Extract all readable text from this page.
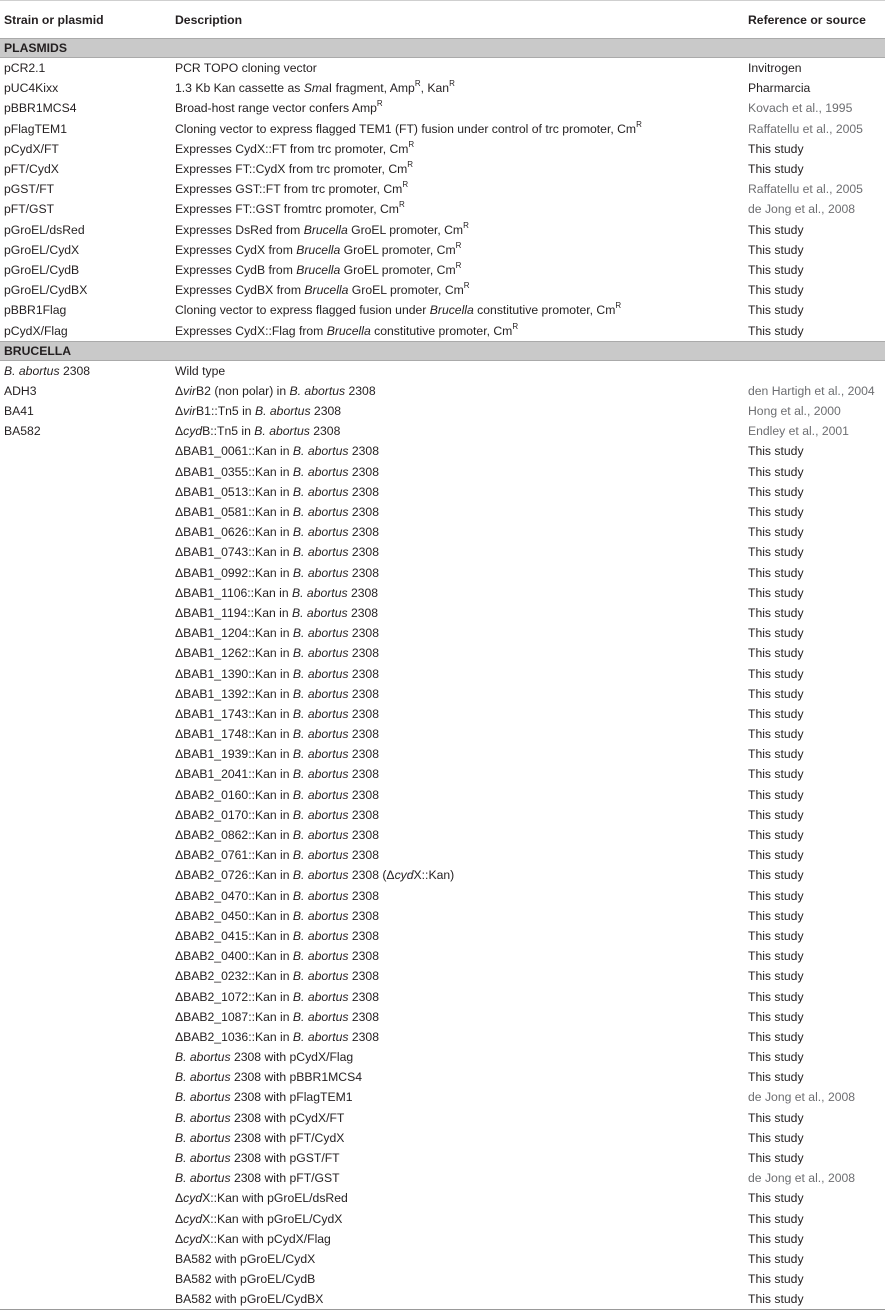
Strain or plasmid	Description	Reference or source
PLASMIDS		
pCR2.1	PCR TOPO cloning vector	Invitrogen
pUC4Kixx	1.3 Kb Kan cassette as SmaI fragment, Amp$^R$, Kan$^R$	Pharmarcia
pBBR1MCS4	Broad-host range vector confers Amp$^R$	Kovach et al., 1995
pFlagTEM1	Cloning vector to express flagged TEM1 (FT) fusion under control of trc promoter, $Cm^R$	Raffatellu et al., 2005
pCydX/FT	Expresses CydX::FT from trc promoter, $Cm^R$	This study
pFT/CydX	Expresses FT::CydX from trc promoter, $Cm^R$	This study
pGST/FT	Expresses GST::FT from trc promoter, $Cm^R$	Raffatellu et al., 2005
pFT/GST	Expresses FT::GST fromtrc promoter, $Cm^R$	de Jong et al., 2008
pGroEL/dsRed	Expresses DsRed from Brucella GroEL promoter, $Cm^R$	This study
pGroEL/CydX	Expresses CydX from Brucella GroEL promoter, $Cm^R$	This study
pGroEL/CydB	Expresses CydB from Brucella GroEL promoter, $Cm^R$	This study
pGroEL/CydBX	Expresses CydBX from Brucella GroEL promoter, $Cm^R$	This study
pBBR1Flag	Cloning vector to express flagged fusion under Brucella constitutive promoter, $Cm^R$	This study
pCydX/Flag	Expresses CydX::Flag from Brucella constitutive promoter, $Cm^R$	This study
BRUCELLA		
B. abortus 2308	Wild type	
ADH3	ΔvirB2 (non polar) in B. abortus 2308	den Hartigh et al., 2004
BA41	ΔvirB1::Tn5 in B. abortus 2308	Hong et al., 2000
BA582	ΔcydB::Tn5 in B. abortus 2308	Endley et al., 2001
	ΔBAB1_0061::Kan in B. abortus 2308	This study
	ΔBAB1_0355::Kan in B. abortus 2308	This study
	ΔBAB1_0513::Kan in B. abortus 2308	This study
	ΔBAB1_0581::Kan in B. abortus 2308	This study
	ΔBAB1_0626::Kan in B. abortus 2308	This study
	ΔBAB1_0743::Kan in B. abortus 2308	This study
	ΔBAB1_0992::Kan in B. abortus 2308	This study
	ΔBAB1_1106::Kan in B. abortus 2308	This study
	ΔBAB1_1194::Kan in B. abortus 2308	This study
	ΔBAB1_1204::Kan in B. abortus 2308	This study
	ΔBAB1_1262::Kan in B. abortus 2308	This study
	ΔBAB1_1390::Kan in B. abortus 2308	This study
	ΔBAB1_1392::Kan in B. abortus 2308	This study
	ΔBAB1_1743::Kan in B. abortus 2308	This study
	ΔBAB1_1748::Kan in B. abortus 2308	This study
	ΔBAB1_1939::Kan in B. abortus 2308	This study
	ΔBAB1_2041::Kan in B. abortus 2308	This study
	ΔBAB2_0160::Kan in B. abortus 2308	This study
	ΔBAB2_0170::Kan in B. abortus 2308	This study
	ΔBAB2_0862::Kan in B. abortus 2308	This study
	ΔBAB2_0761::Kan in B. abortus 2308	This study
	ΔBAB2_0726::Kan in B. abortus 2308 (ΔcydX::Kan)	This study
	ΔBAB2_0470::Kan in B. abortus 2308	This study
	ΔBAB2_0450::Kan in B. abortus 2308	This study
	ΔBAB2_0415::Kan in B. abortus 2308	This study
	ΔBAB2_0400::Kan in B. abortus 2308	This study
	ΔBAB2_0232::Kan in B. abortus 2308	This study
	ΔBAB2_1072::Kan in B. abortus 2308	This study
	ΔBAB2_1087::Kan in B. abortus 2308	This study
	ΔBAB2_1036::Kan in B. abortus 2308	This study
	B. abortus 2308 with pCydX/Flag	This study
	B. abortus 2308 with pBBR1MCS4	This study
	B. abortus 2308 with pFlagTEM1	de Jong et al., 2008
	B. abortus 2308 with pCydX/FT	This study
	B. abortus 2308 with pFT/CydX	This study
	B. abortus 2308 with pGST/FT	This study
	B. abortus 2308 with pFT/GST	de Jong et al., 2008
	ΔcydX::Kan with pGroEL/dsRed	This study
	ΔcydX::Kan with pGroEL/CydX	This study
	ΔcydX::Kan with pCydX/Flag	This study
	BA582 with pGroEL/CydX	This study
	BA582 with pGroEL/CydB	This study
	BA582 with pGroEL/CydBX	This study
